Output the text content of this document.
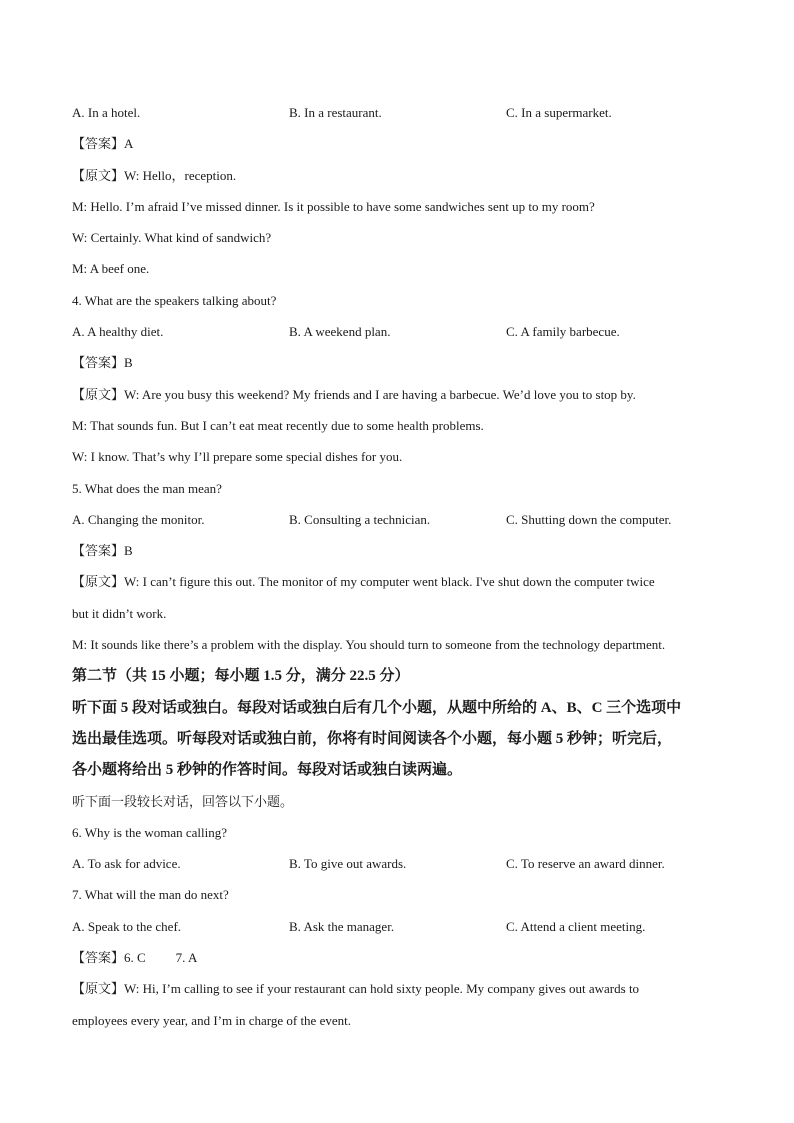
A. In a hotel.	B. In a restaurant.	C. In a supermarket.
【答案】A
【原文】W: Hello，reception.
M: Hello. I’m afraid I’ve missed dinner. Is it possible to have some sandwiches sent up to my room?
W: Certainly. What kind of sandwich?
M: A beef one.
4. What are the speakers talking about?
A. A healthy diet.	B. A weekend plan.	C. A family barbecue.
【答案】B
【原文】W: Are you busy this weekend? My friends and I are having a barbecue. We’d love you to stop by.
M: That sounds fun. But I can’t eat meat recently due to some health problems.
W: I know. That’s why I’ll prepare some special dishes for you.
5. What does the man mean?
A. Changing the monitor.	B. Consulting a technician.	C. Shutting down the computer.
【答案】B
【原文】W: I can’t figure this out. The monitor of my computer went black. I've shut down the computer twice
but it didn’t work.
M: It sounds like there’s a problem with the display. You should turn to someone from the technology department.
第二节（共 15 小题；每小题 1.5 分，满分 22.5 分）
听下面 5 段对话或独白。每段对话或独白后有几个小题，从题中所给的 A、B、C 三个选项中
选出最佳选项。听每段对话或独白前，你将有时间阅读各个小题，每小题 5 秒钟；听完后，
各小题将给出 5 秒钟的作答时间。每段对话或独白读两遍。
听下面一段较长对话，回答以下小题。
6. Why is the woman calling?
A. To ask for advice.	B. To give out awards.	C. To reserve an award dinner.
7. What will the man do next?
A. Speak to the chef.	B. Ask the manager.	C. Attend a client meeting.
【答案】6. C 7. A
【原文】W: Hi, I’m calling to see if your restaurant can hold sixty people. My company gives out awards to
employees every year, and I’m in charge of the event.
